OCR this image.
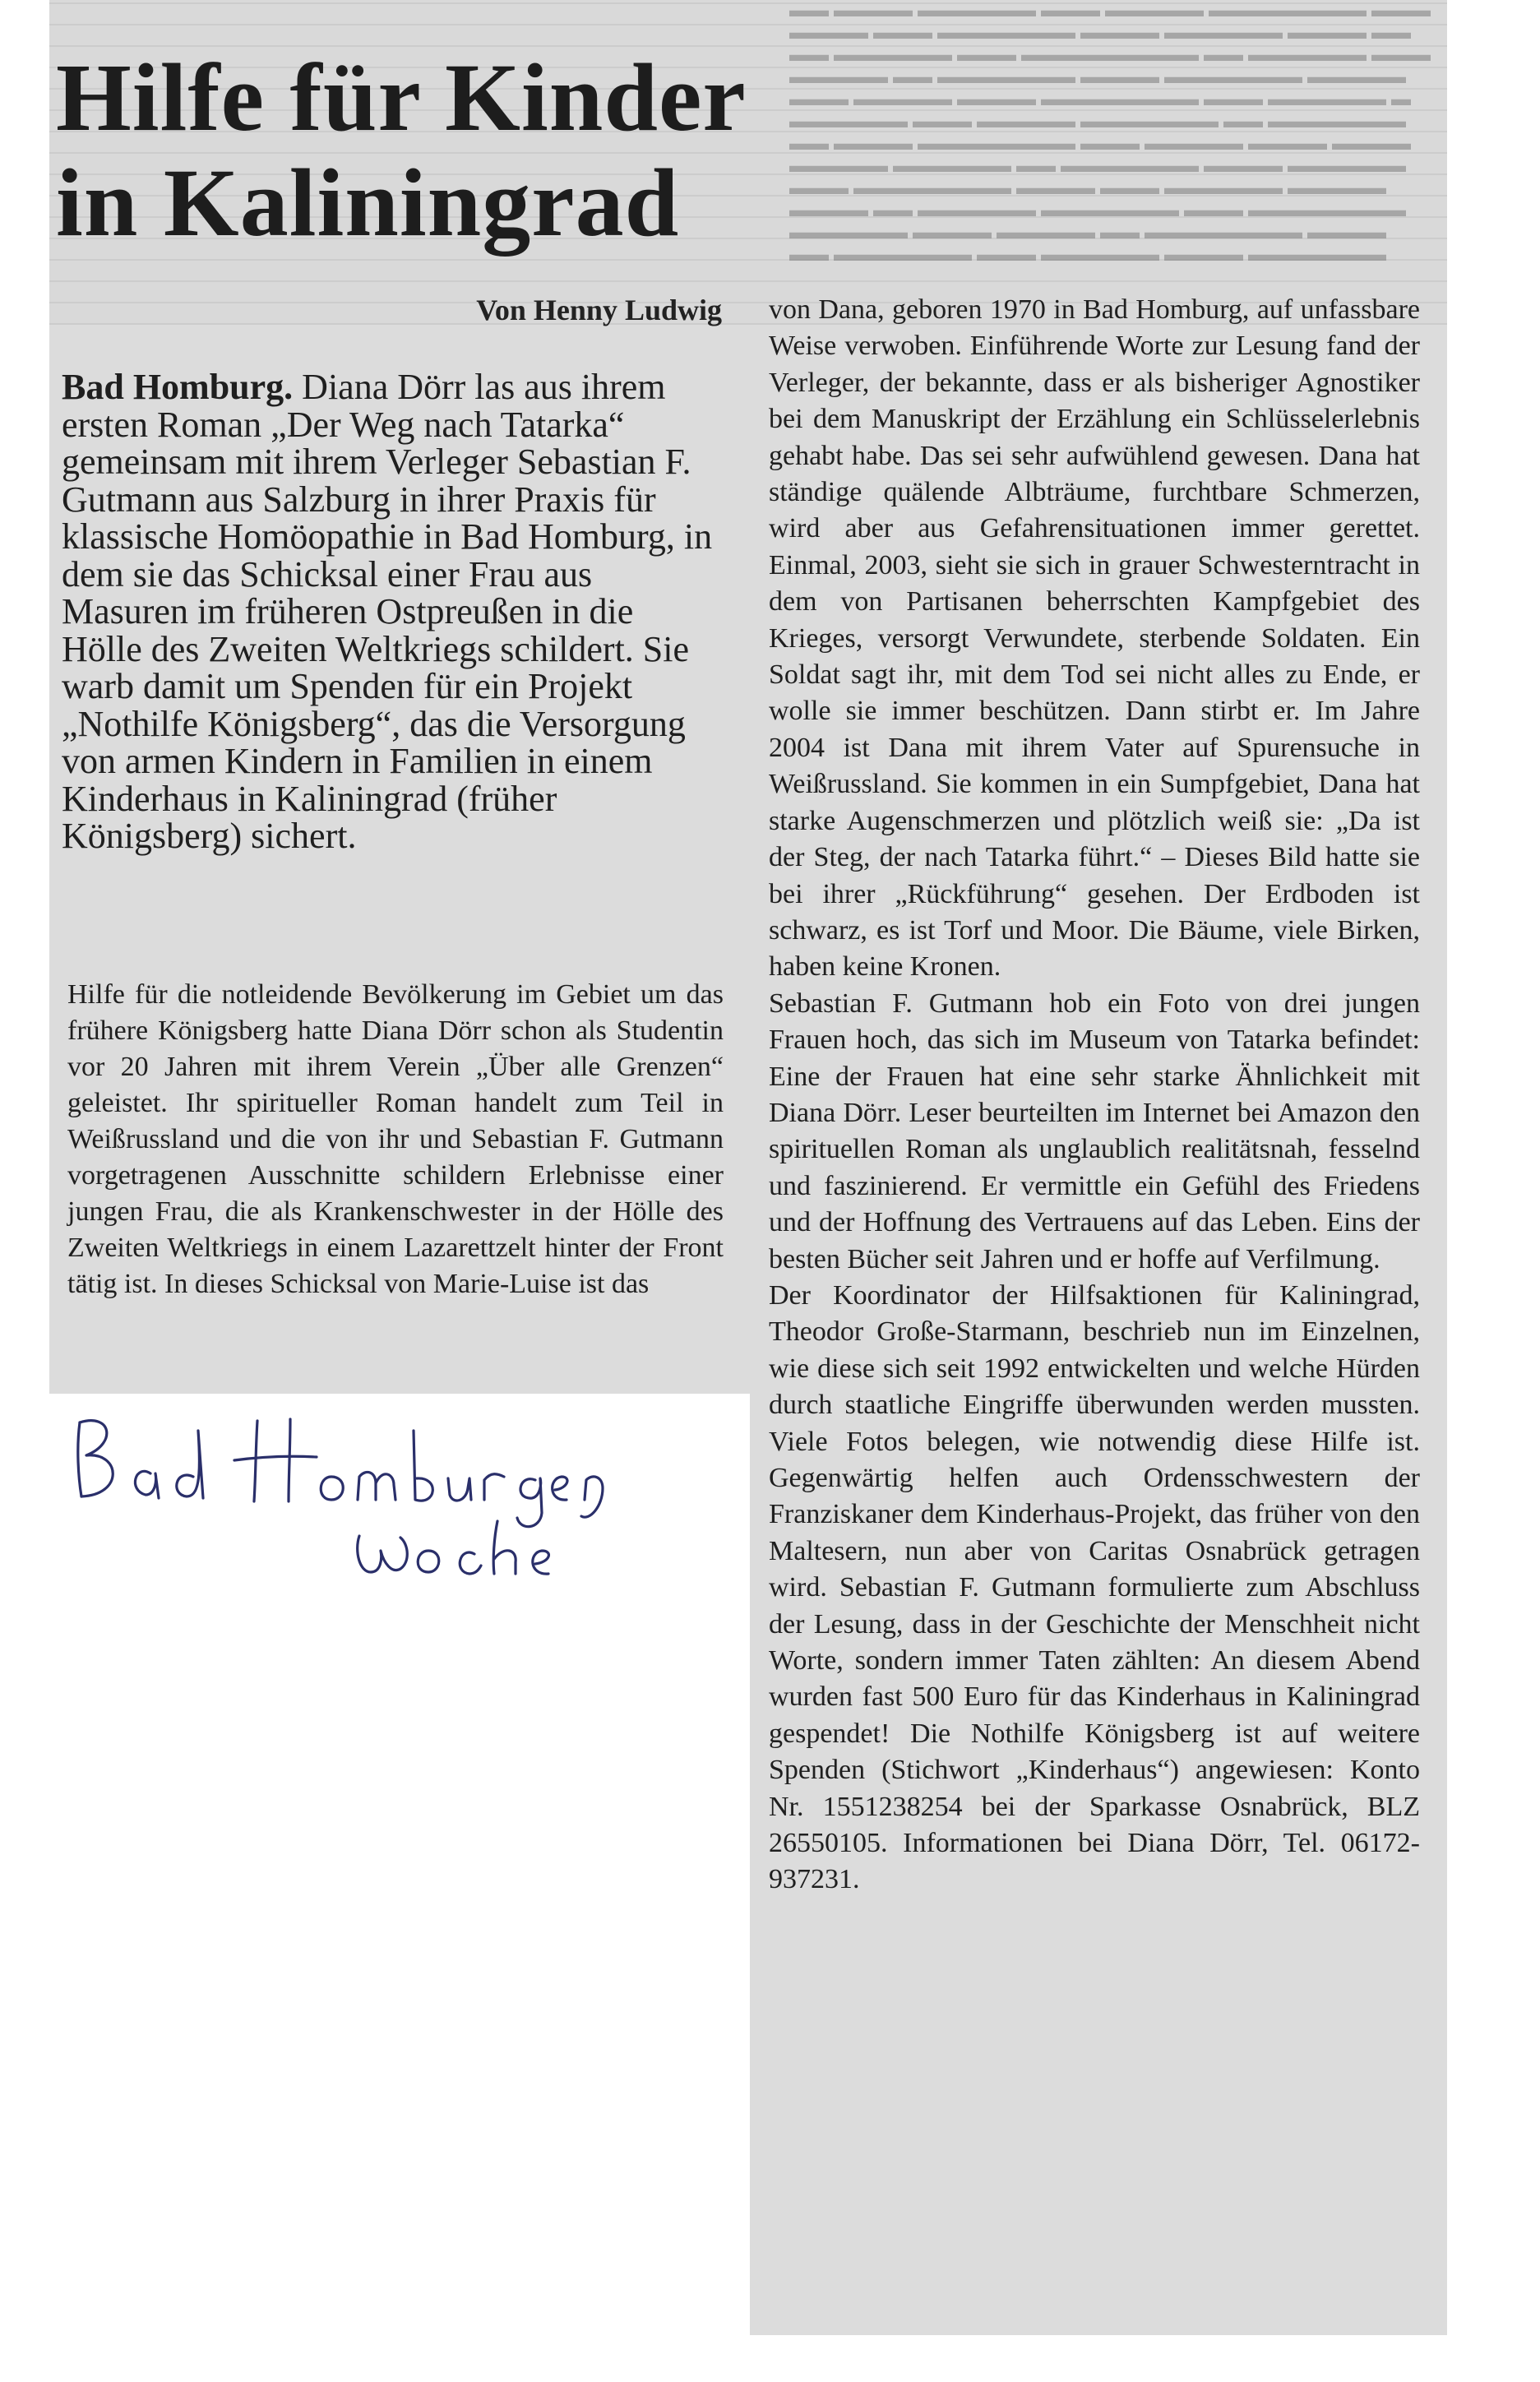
▬▬ ▬▬▬▬ ▬▬▬▬▬▬ ▬▬▬ ▬▬▬▬▬ ▬▬▬▬▬▬▬▬ ▬▬▬
▬▬▬▬ ▬▬▬ ▬▬▬▬▬▬▬ ▬▬▬▬ ▬▬▬▬▬▬ ▬▬▬▬ ▬▬
▬▬ ▬▬▬▬▬▬ ▬▬▬ ▬▬▬▬▬▬▬▬▬ ▬▬ ▬▬▬▬▬▬ ▬▬▬
▬▬▬▬▬ ▬▬ ▬▬▬▬▬▬▬ ▬▬▬▬ ▬▬▬▬▬▬▬ ▬▬▬▬▬
▬▬▬ ▬▬▬▬▬ ▬▬▬▬ ▬▬▬▬▬▬▬▬ ▬▬▬ ▬▬▬▬▬▬ ▬
▬▬▬▬▬▬ ▬▬▬ ▬▬▬▬▬ ▬▬▬▬▬▬▬ ▬▬ ▬▬▬▬▬▬▬
▬▬ ▬▬▬▬ ▬▬▬▬▬▬▬▬ ▬▬▬ ▬▬▬▬▬ ▬▬▬▬ ▬▬▬▬
▬▬▬▬▬ ▬▬▬▬▬▬ ▬▬ ▬▬▬▬▬▬▬ ▬▬▬▬ ▬▬▬▬▬▬
▬▬▬ ▬▬▬▬▬▬▬▬ ▬▬▬▬ ▬▬▬ ▬▬▬▬▬▬ ▬▬▬▬▬
▬▬▬▬ ▬▬ ▬▬▬▬▬▬ ▬▬▬▬▬▬▬ ▬▬▬ ▬▬▬▬▬▬▬▬
▬▬▬▬▬▬ ▬▬▬▬ ▬▬▬▬▬ ▬▬ ▬▬▬▬▬▬▬▬ ▬▬▬▬
▬▬ ▬▬▬▬▬▬▬ ▬▬▬ ▬▬▬▬▬▬ ▬▬▬▬ ▬▬▬▬▬▬▬
Hilfe für Kinder
in Kaliningrad
Von Henny Ludwig

Bad Homburg. Diana Dörr las aus ihrem ersten Roman „Der Weg nach Tatarka“ gemeinsam mit ihrem Verleger Sebastian F. Gutmann aus Salzburg in ihrer Praxis für klassische Homöopathie in Bad Homburg, in dem sie das Schicksal einer Frau aus Masuren im früheren Ostpreußen in die Hölle des Zweiten Weltkriegs schildert. Sie warb damit um Spenden für ein Projekt „Nothilfe Königsberg“, das die Versorgung von armen Kindern in Familien in einem Kinderhaus in Kaliningrad (früher Königsberg) sichert.

Hilfe für die notleidende Bevölkerung im Gebiet um das frühere Königsberg hatte Diana Dörr schon als Studentin vor 20 Jahren mit ihrem Verein „Über alle Grenzen“ geleistet. Ihr spiritueller Roman handelt zum Teil in Weißrussland und die von ihr und Sebastian F. Gutmann vorgetragenen Ausschnitte schildern Erlebnisse einer jungen Frau, die als Krankenschwester in der Hölle des Zweiten Weltkriegs in einem Lazarettzelt hinter der Front tätig ist. In dieses Schicksal von Marie-Luise ist das

von Dana, geboren 1970 in Bad Homburg, auf unfassbare Weise verwoben. Einführende Worte zur Lesung fand der Verleger, der bekannte, dass er als bisheriger Agnostiker bei dem Manuskript der Erzählung ein Schlüsselerlebnis gehabt habe. Das sei sehr aufwühlend gewesen. Dana hat ständige quälende Albträume, furchtbare Schmerzen, wird aber aus Gefahrensituationen immer gerettet. Einmal, 2003, sieht sie sich in grauer Schwesterntracht in dem von Partisanen beherrschten Kampfgebiet des Krieges, versorgt Verwundete, sterbende Soldaten. Ein Soldat sagt ihr, mit dem Tod sei nicht alles zu Ende, er wolle sie immer beschützen. Dann stirbt er. Im Jahre 2004 ist Dana mit ihrem Vater auf Spurensuche in Weißrussland. Sie kommen in ein Sumpfgebiet, Dana hat starke Augenschmerzen und plötzlich weiß sie: „Da ist der Steg, der nach Tatarka führt.“ – Dieses Bild hatte sie bei ihrer „Rückführung“ gesehen. Der Erdboden ist schwarz, es ist Torf und Moor. Die Bäume, viele Birken, haben keine Kronen.

Sebastian F. Gutmann hob ein Foto von drei jungen Frauen hoch, das sich im Museum von Tatarka befindet: Eine der Frauen hat eine sehr starke Ähnlichkeit mit Diana Dörr. Leser beurteilten im Internet bei Amazon den spirituellen Roman als unglaublich realitätsnah, fesselnd und faszinierend. Er vermittle ein Gefühl des Friedens und der Hoffnung des Vertrauens auf das Leben. Eins der besten Bücher seit Jahren und er hoffe auf Verfilmung.

Der Koordinator der Hilfsaktionen für Kaliningrad, Theodor Große-Starmann, beschrieb nun im Einzelnen, wie diese sich seit 1992 entwickelten und welche Hürden durch staatliche Eingriffe überwunden werden mussten. Viele Fotos belegen, wie notwendig diese Hilfe ist. Gegenwärtig helfen auch Ordensschwestern der Franziskaner dem Kinderhaus-Projekt, das früher von den Maltesern, nun aber von Caritas Osnabrück getragen wird. Sebastian F. Gutmann formulierte zum Abschluss der Lesung, dass in der Geschichte der Menschheit nicht Worte, sondern immer Taten zählten: An diesem Abend wurden fast 500 Euro für das Kinderhaus in Kaliningrad gespendet! Die Nothilfe Königsberg ist auf weitere Spenden (Stichwort „Kinderhaus“) angewiesen: Konto Nr. 1551238254 bei der Sparkasse Osnabrück, BLZ 26550105. Informationen bei Diana Dörr, Tel. 06172-937231.
